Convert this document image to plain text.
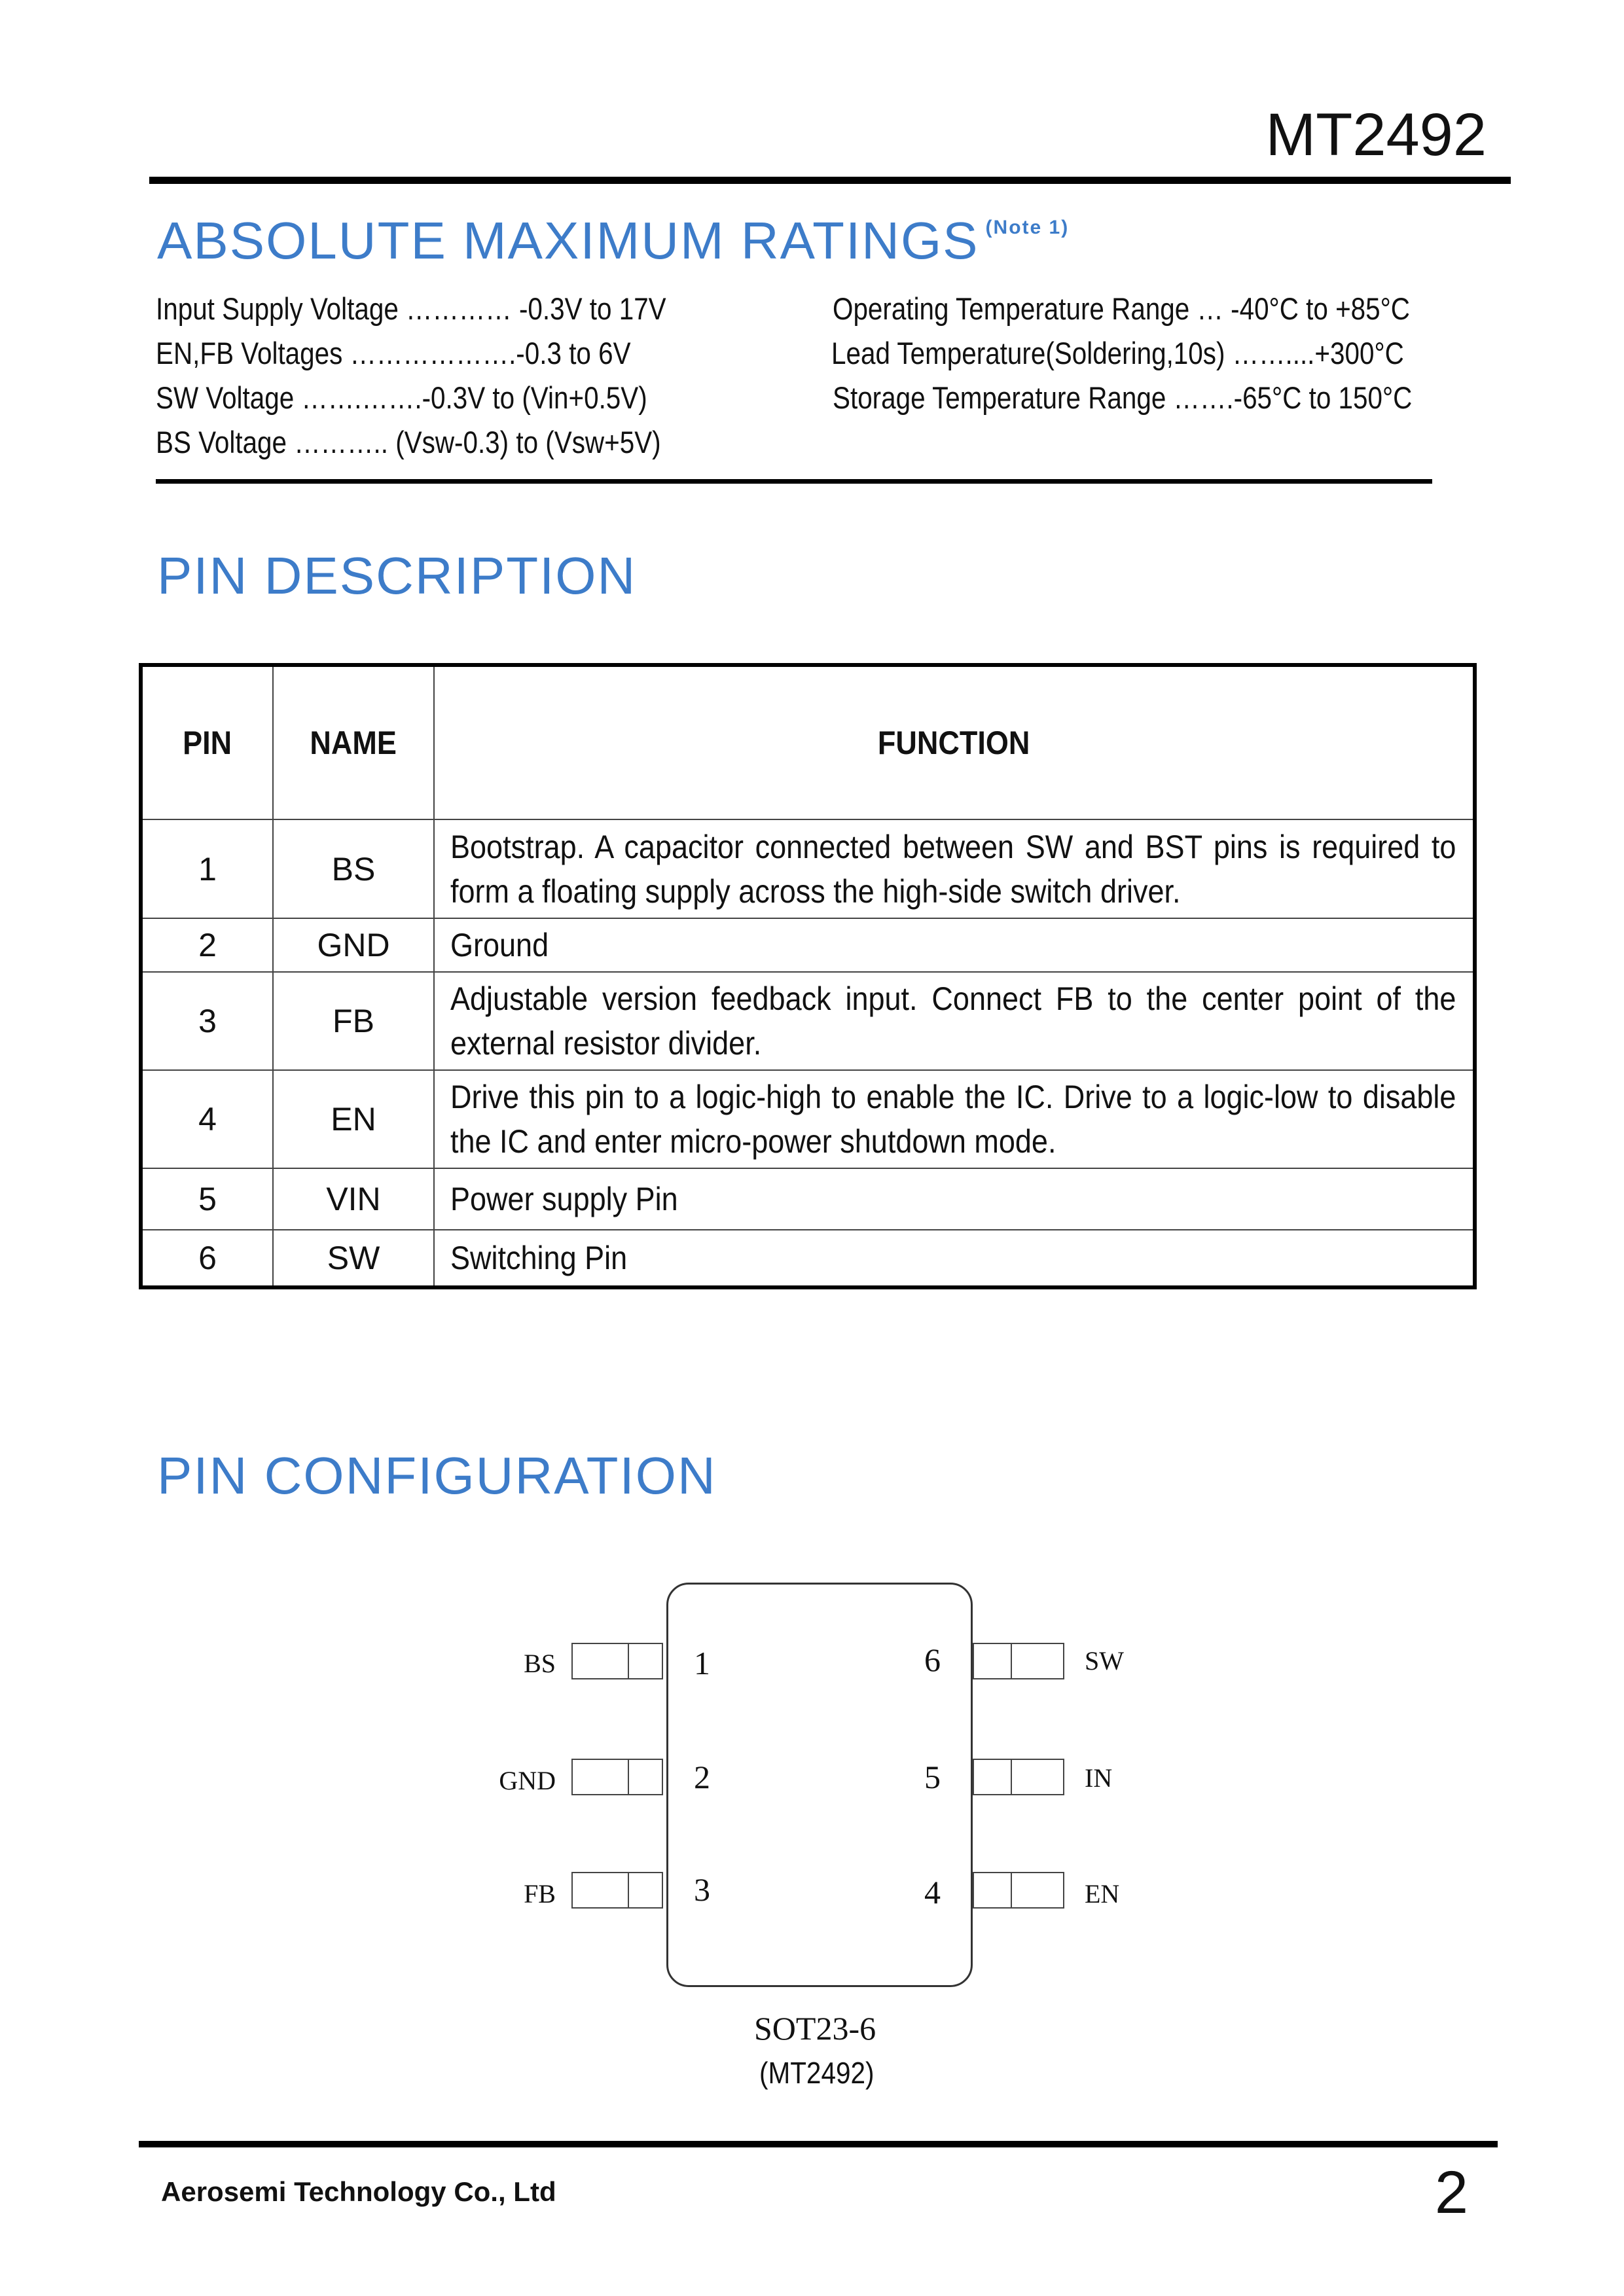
MT2492
ABSOLUTE MAXIMUM RATINGS $^{(Note 1)}$
Input Supply Voltage ………… -0.3V to 17V
EN,FB Voltages ……………….-0.3 to 6V
SW Voltage …….…….-0.3V to (Vin+0.5V)
BS Voltage ……….. (Vsw-0.3) to (Vsw+5V)
Operating Temperature Range … -40°C to +85°C
Lead Temperature(Soldering,10s) ……....+300°C
Storage Temperature Range …….-65°C to 150°C
PIN DESCRIPTION
PIN	NAME	FUNCTION
1	BS	Bootstrap. A capacitor connected between SW and BST pins is required to form a floating supply across the high-side switch driver.
2	GND	Ground
3	FB	Adjustable version feedback input. Connect FB to the center point of the external resistor divider.
4	EN	Drive this pin to a logic-high to enable the IC. Drive to a logic-low to disable the IC and enter micro-power shutdown mode.
5	VIN	Power supply Pin
6	SW	Switching Pin
PIN CONFIGURATION
BS
GND
FB
1
2
3
6
5
4
SW
IN
EN
SOT23-6
(MT2492)
Aerosemi Technology Co., Ltd	2
